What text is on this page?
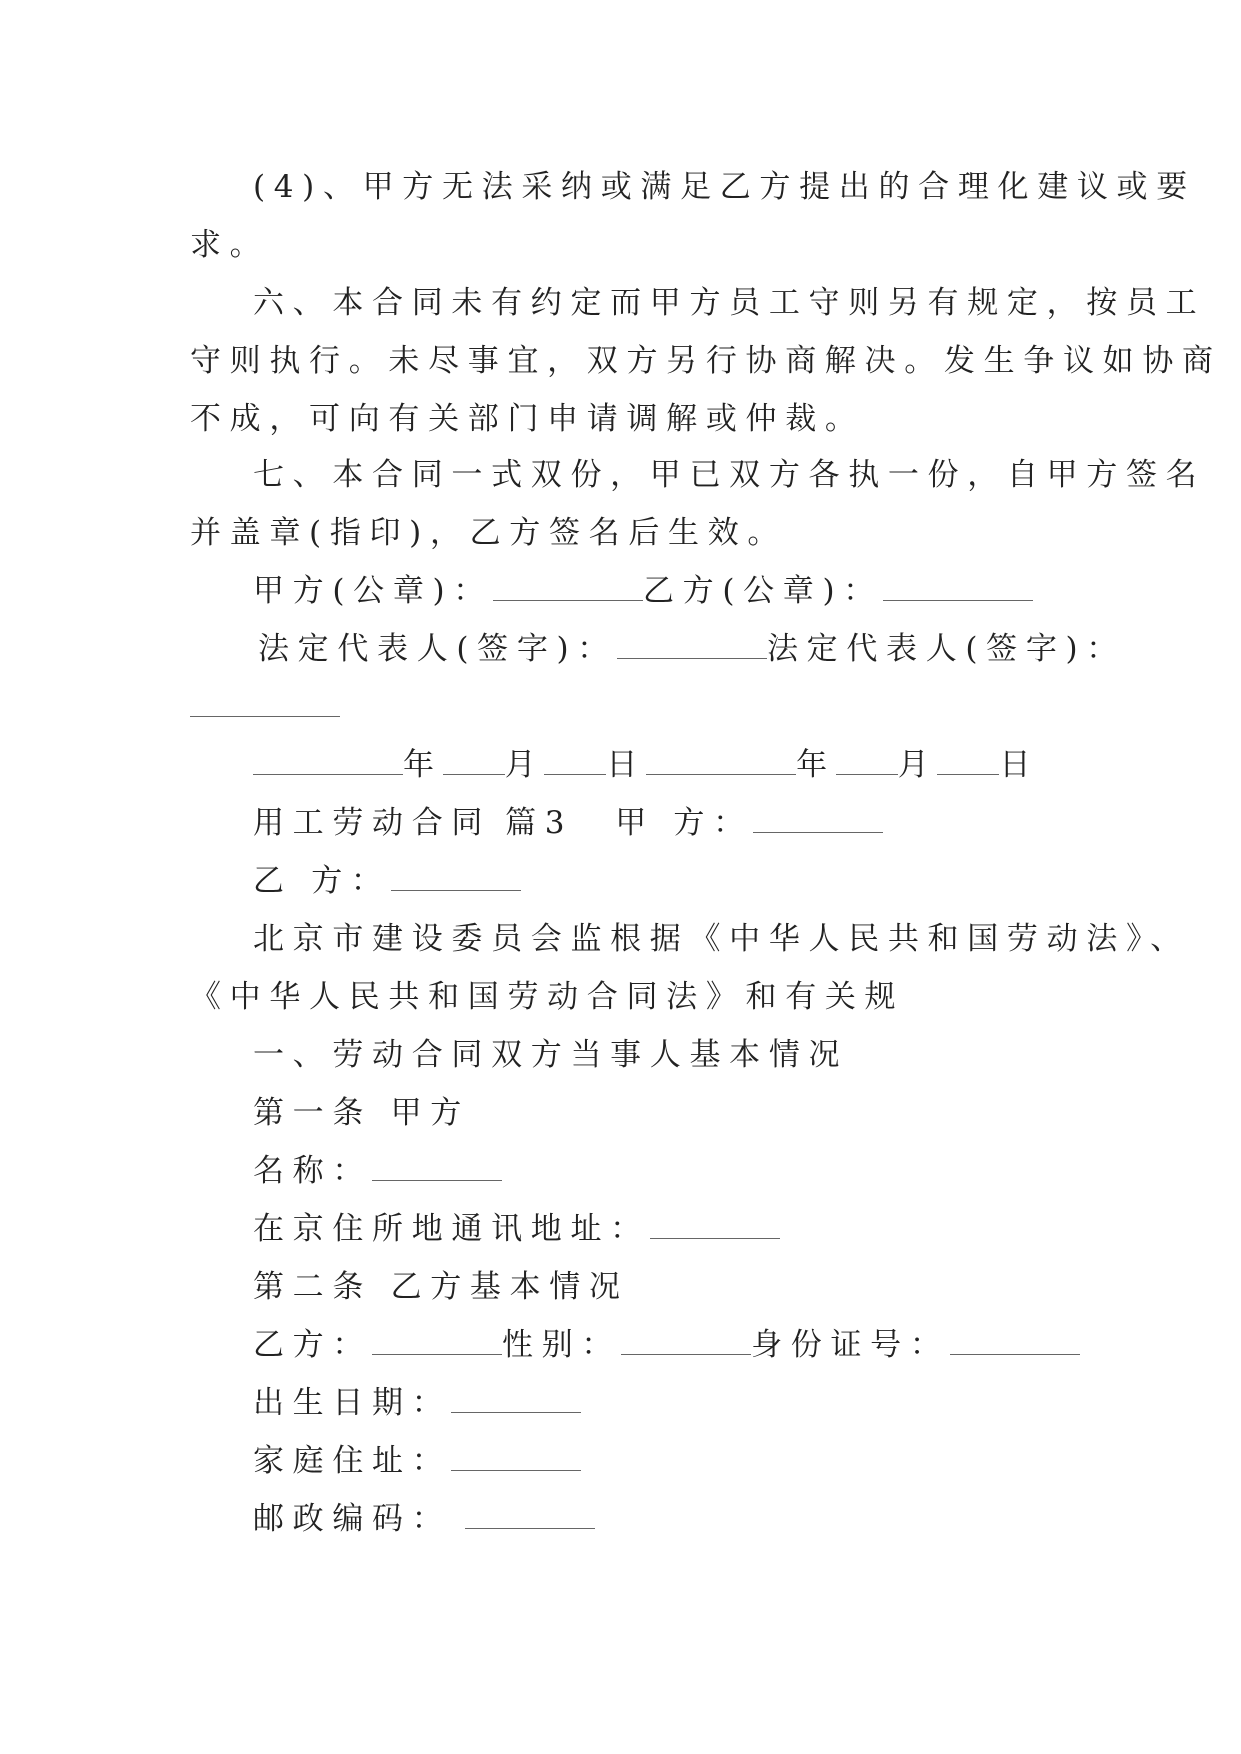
(4)、甲方无法采纳或满足乙方提出的合理化建议或要
求。
六、本合同未有约定而甲方员工守则另有规定，按员工
守则执行。未尽事宜，双方另行协商解决。发生争议如协商
不成，可向有关部门申请调解或仲裁。
七、本合同一式双份，甲已双方各执一份，自甲方签名
并盖章(指印)，乙方签名后生效。
甲方(公章)：	乙方(公章)：
法定代表人(签字)：	法定代表人(签字)：
年 月 日	年 月 日
用工劳动合同 篇3 甲 方：
乙 方：
北京市建设委员会监根据《中华人民共和国劳动法》、
《中华人民共和国劳动合同法》和有关规
一、劳动合同双方当事人基本情况
第一条 甲方
名称：
在京住所地通讯地址：
第二条 乙方基本情况
乙方：	性别：	身份证号：
出生日期：
家庭住址：
邮政编码：
